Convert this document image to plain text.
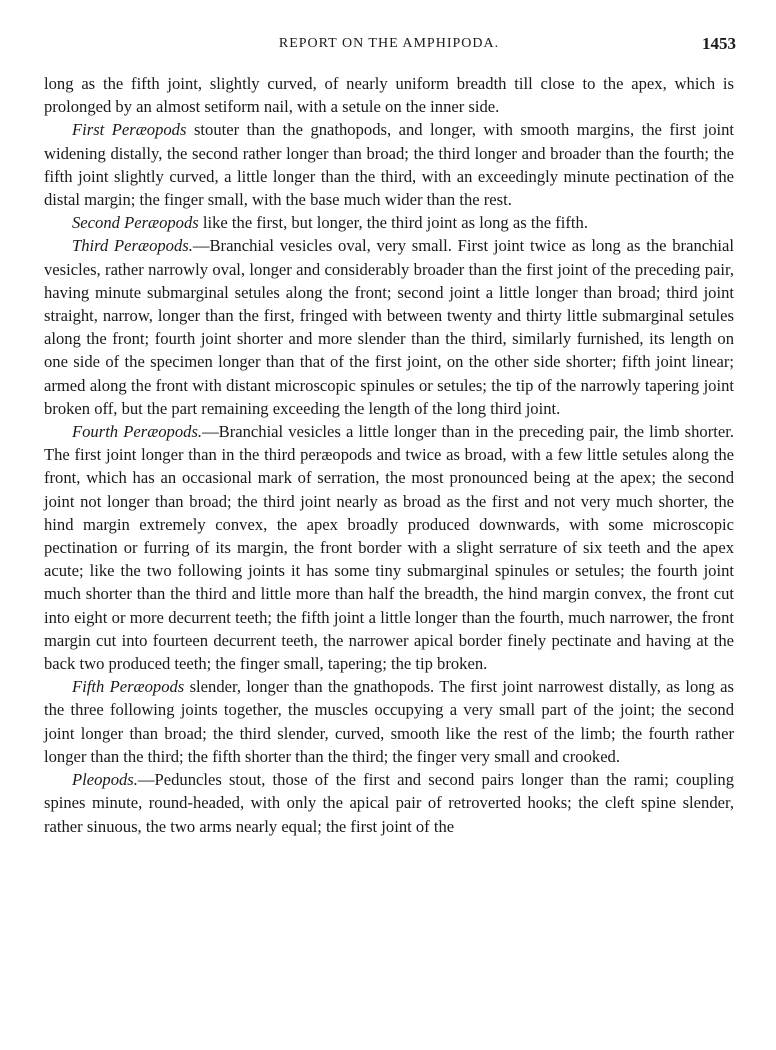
REPORT ON THE AMPHIPODA.	1453

long as the fifth joint, slightly curved, of nearly uniform breadth till close to the apex, which is prolonged by an almost setiform nail, with a setule on the inner side.

First Peræopods stouter than the gnathopods, and longer, with smooth margins, the first joint widening distally, the second rather longer than broad; the third longer and broader than the fourth; the fifth joint slightly curved, a little longer than the third, with an exceedingly minute pectination of the distal margin; the finger small, with the base much wider than the rest.

Second Peræopods like the first, but longer, the third joint as long as the fifth.

Third Peræopods.—Branchial vesicles oval, very small. First joint twice as long as the branchial vesicles, rather narrowly oval, longer and considerably broader than the first joint of the preceding pair, having minute submarginal setules along the front; second joint a little longer than broad; third joint straight, narrow, longer than the first, fringed with between twenty and thirty little submarginal setules along the front; fourth joint shorter and more slender than the third, similarly furnished, its length on one side of the specimen longer than that of the first joint, on the other side shorter; fifth joint linear; armed along the front with distant microscopic spinules or setules; the tip of the narrowly tapering joint broken off, but the part remaining exceeding the length of the long third joint.

Fourth Peræopods.—Branchial vesicles a little longer than in the preceding pair, the limb shorter. The first joint longer than in the third peræopods and twice as broad, with a few little setules along the front, which has an occasional mark of serration, the most pronounced being at the apex; the second joint not longer than broad; the third joint nearly as broad as the first and not very much shorter, the hind margin extremely convex, the apex broadly produced downwards, with some microscopic pectination or furring of its margin, the front border with a slight serrature of six teeth and the apex acute; like the two following joints it has some tiny submarginal spinules or setules; the fourth joint much shorter than the third and little more than half the breadth, the hind margin convex, the front cut into eight or more decurrent teeth; the fifth joint a little longer than the fourth, much narrower, the front margin cut into fourteen decurrent teeth, the narrower apical border finely pectinate and having at the back two produced teeth; the finger small, tapering; the tip broken.

Fifth Peræopods slender, longer than the gnathopods. The first joint narrowest distally, as long as the three following joints together, the muscles occupying a very small part of the joint; the second joint longer than broad; the third slender, curved, smooth like the rest of the limb; the fourth rather longer than the third; the fifth shorter than the third; the finger very small and crooked.

Pleopods.—Peduncles stout, those of the first and second pairs longer than the rami; coupling spines minute, round-headed, with only the apical pair of retroverted hooks; the cleft spine slender, rather sinuous, the two arms nearly equal; the first joint of the
